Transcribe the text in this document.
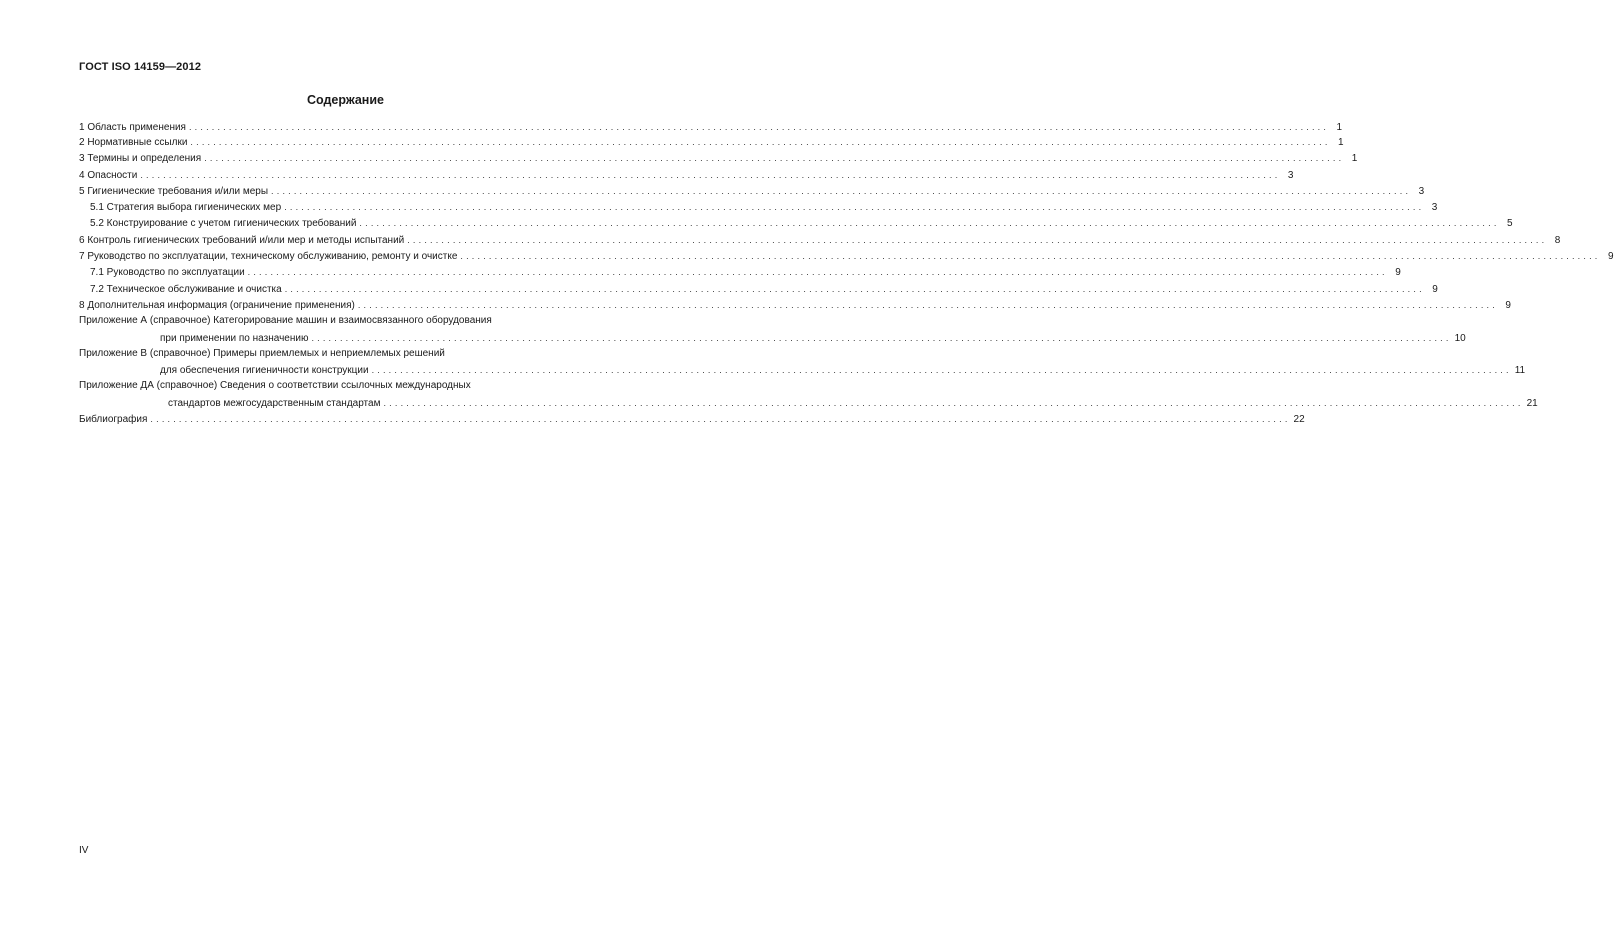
ГОСТ ISO 14159—2012
Содержание
1 Область применения ........................................................................................................................................................................................................ 1
2 Нормативные ссылки ........................................................................................................................................................................................................ 1
3 Термины и определения ........................................................................................................................................................................................................ 1
4 Опасности ........................................................................................................................................................................................................ 3
5 Гигиенические требования и/или меры ........................................................................................................................................................................................................ 3
5.1 Стратегия выбора гигиенических мер ........................................................................................................................................................................................................ 3
5.2 Конструирование с учетом гигиенических требований ........................................................................................................................................................................................................ 5
6 Контроль гигиенических требований и/или мер и методы испытаний ........................................................................................................................................................................................................ 8
7 Руководство по эксплуатации, техническому обслуживанию, ремонту и очистке ........................................................................................................................................................................................................ 9
7.1 Руководство по эксплуатации ........................................................................................................................................................................................................ 9
7.2 Техническое обслуживание и очистка ........................................................................................................................................................................................................ 9
8 Дополнительная информация (ограничение применения) ........................................................................................................................................................................................................ 9
Приложение А (справочное) Категорирование машин и взаимосвязанного оборудования
при применении по назначению ........................................................................................................................................................................................................ 10
Приложение В (справочное) Примеры приемлемых и неприемлемых решений
для обеспечения гигиеничности конструкции ........................................................................................................................................................................................................ 11
Приложение ДА (справочное) Сведения о соответствии ссылочных международных
стандартов межгосударственным стандартам ........................................................................................................................................................................................................ 21
Библиография ........................................................................................................................................................................................................ 22
IV
